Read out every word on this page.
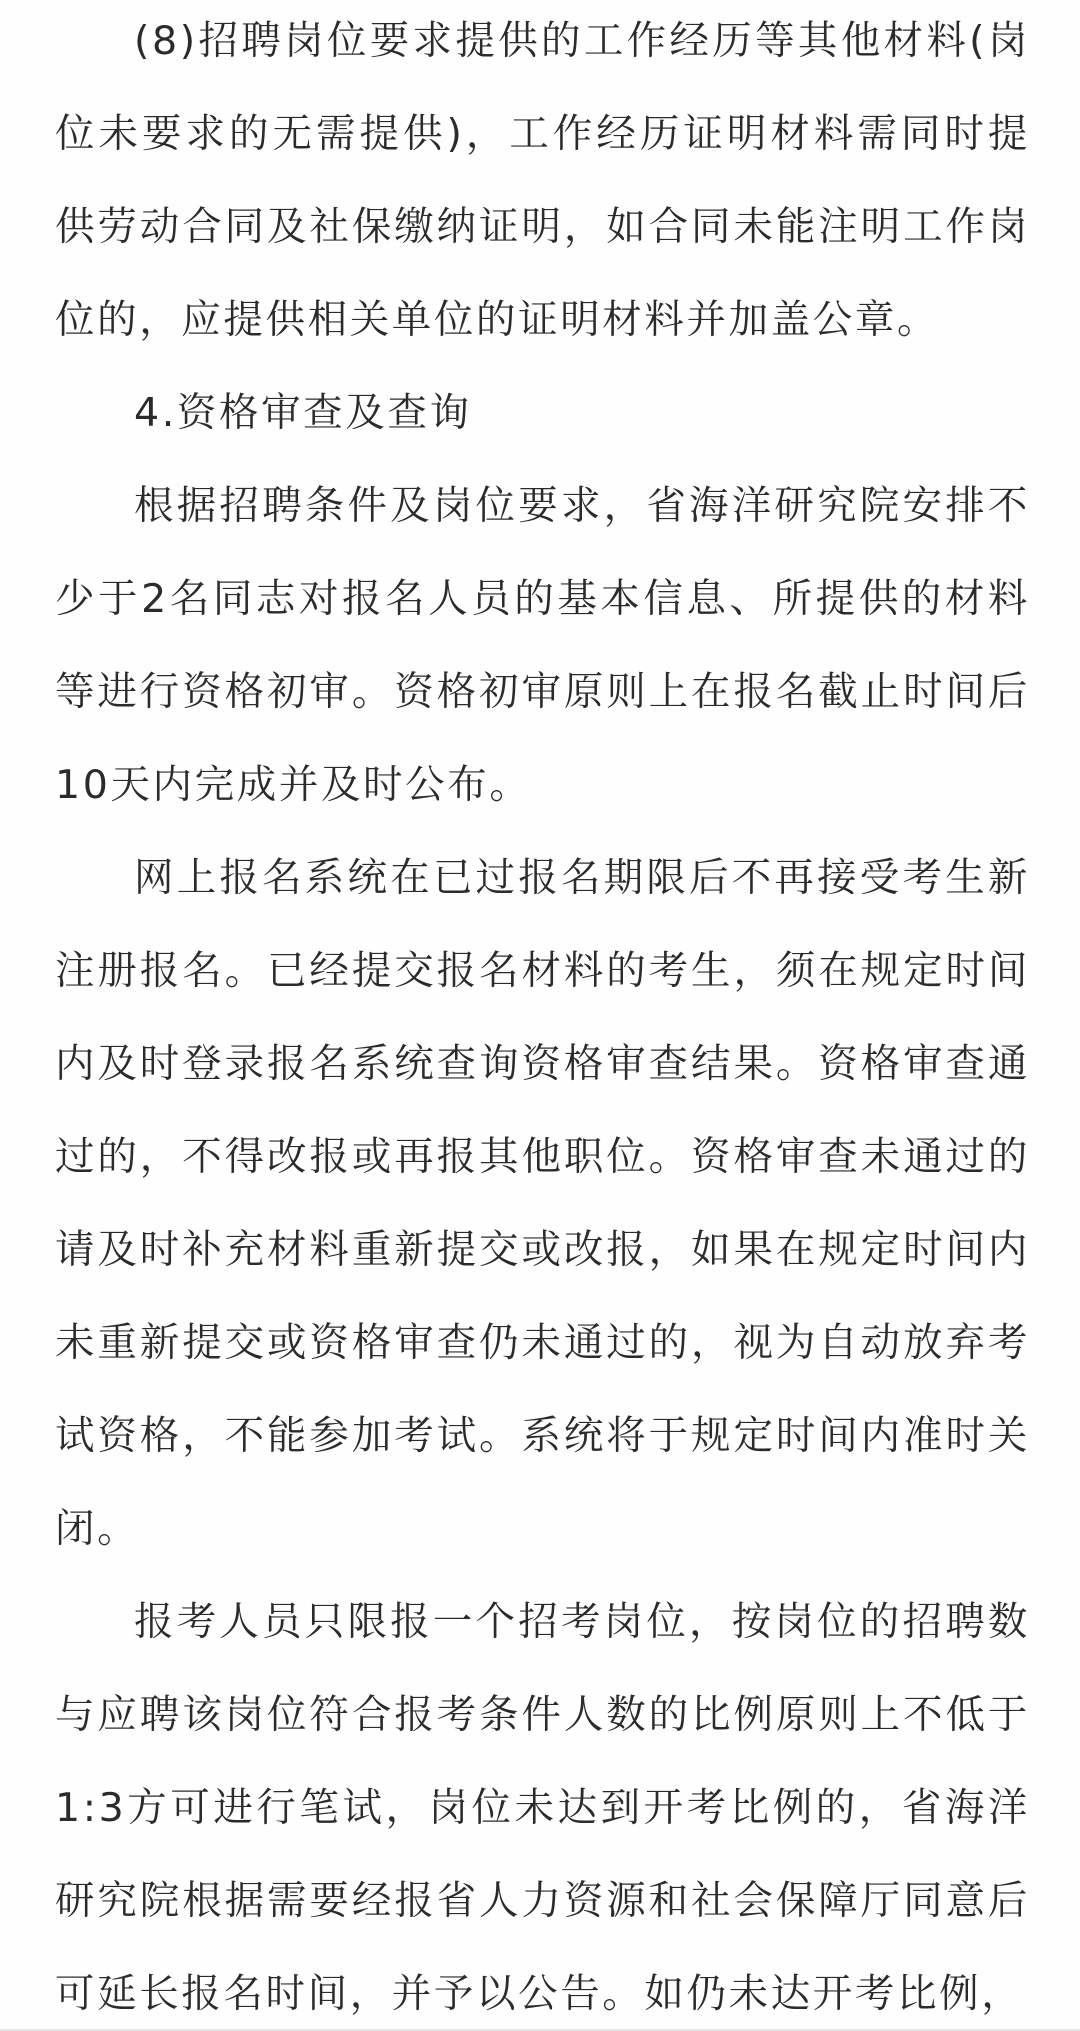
(8)招聘岗位要求提供的工作经历等其他材料(岗位未要求的无需提供)，工作经历证明材料需同时提供劳动合同及社保缴纳证明，如合同未能注明工作岗位的，应提供相关单位的证明材料并加盖公章。

4.资格审查及查询

根据招聘条件及岗位要求，省海洋研究院安排不少于2名同志对报名人员的基本信息、所提供的材料等进行资格初审。资格初审原则上在报名截止时间后10天内完成并及时公布。

网上报名系统在已过报名期限后不再接受考生新注册报名。已经提交报名材料的考生，须在规定时间内及时登录报名系统查询资格审查结果。资格审查通过的，不得改报或再报其他职位。资格审查未通过的请及时补充材料重新提交或改报，如果在规定时间内未重新提交或资格审查仍未通过的，视为自动放弃考试资格，不能参加考试。系统将于规定时间内准时关闭。

报考人员只限报一个招考岗位，按岗位的招聘数与应聘该岗位符合报考条件人数的比例原则上不低于1:3方可进行笔试，岗位未达到开考比例的，省海洋研究院根据需要经报省人力资源和社会保障厅同意后可延长报名时间，并予以公告。如仍未达开考比例，
